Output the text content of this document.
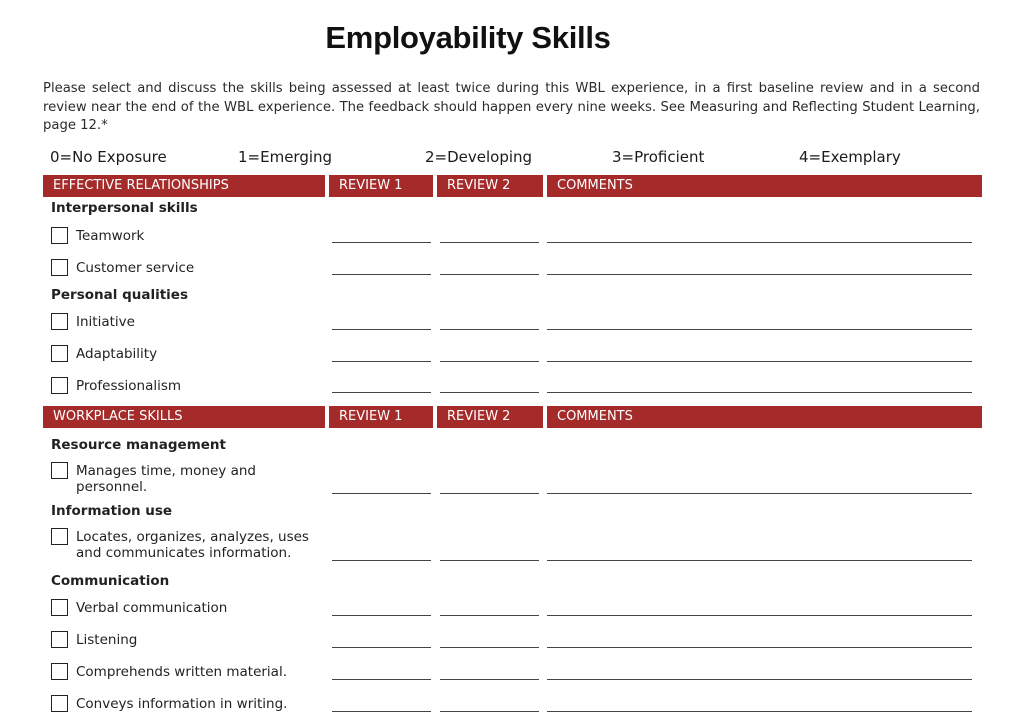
Employability Skills
Please select and discuss the skills being assessed at least twice during this WBL experience, in a first baseline review and in a second review near the end of the WBL experience. The feedback should happen every nine weeks. See Measuring and Reflecting Student Learning, page 12.*
0=No Exposure	1=Emerging	2=Developing	3=Proficient	4=Exemplary
EFFECTIVE RELATIONSHIPS	REVIEW 1	REVIEW 2	COMMENTS
Interpersonal skills
Teamwork
Customer service
Personal qualities
Initiative
Adaptability
Professionalism
WORKPLACE SKILLS	REVIEW 1	REVIEW 2	COMMENTS
Resource management
Manages time, money and personnel.
Information use
Locates, organizes, analyzes, uses and communicates information.
Communication
Verbal communication
Listening
Comprehends written material.
Conveys information in writing.
